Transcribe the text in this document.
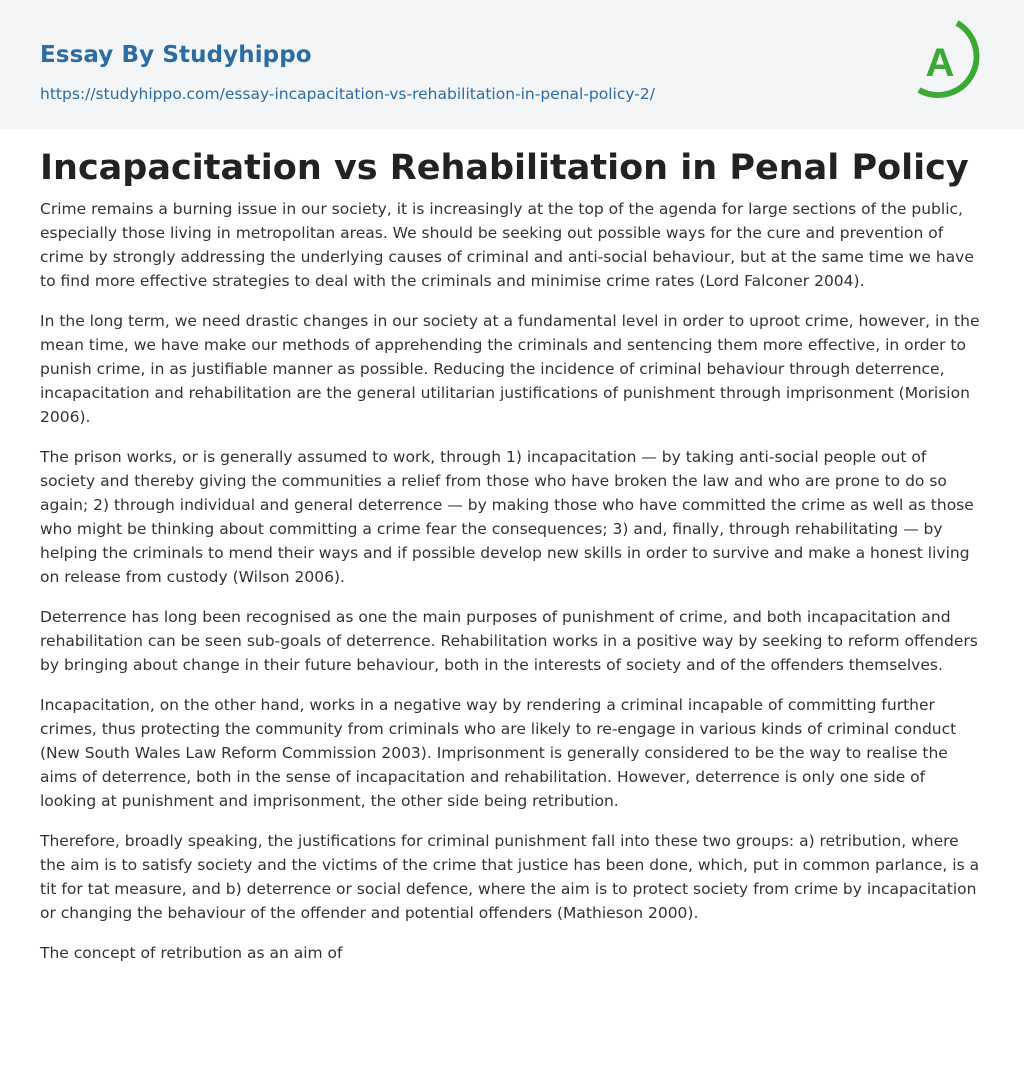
Essay By Studyhippo
https://studyhippo.com/essay-incapacitation-vs-rehabilitation-in-penal-policy-2/
A
Incapacitation vs Rehabilitation in Penal Policy

Crime remains a burning issue in our society, it is increasingly at the top of the agenda for large sections of the public, especially those living in metropolitan areas. We should be seeking out possible ways for the cure and prevention of crime by strongly addressing the underlying causes of criminal and anti-social behaviour, but at the same time we have to find more effective strategies to deal with the criminals and minimise crime rates (Lord Falconer 2004).

In the long term, we need drastic changes in our society at a fundamental level in order to uproot crime, however, in the mean time, we have make our methods of apprehending the criminals and sentencing them more effective, in order to punish crime, in as justifiable manner as possible. Reducing the incidence of criminal behaviour through deterrence, incapacitation and rehabilitation are the general utilitarian justifications of punishment through imprisonment (Morision 2006).

The prison works, or is generally assumed to work, through 1) incapacitation — by taking anti-social people out of society and thereby giving the communities a relief from those who have broken the law and who are prone to do so again; 2) through individual and general deterrence — by making those who have committed the crime as well as those who might be thinking about committing a crime fear the consequences; 3) and, finally, through rehabilitating — by helping the criminals to mend their ways and if possible develop new skills in order to survive and make a honest living on release from custody (Wilson 2006).

Deterrence has long been recognised as one the main purposes of punishment of crime, and both incapacitation and rehabilitation can be seen sub-goals of deterrence. Rehabilitation works in a positive way by seeking to reform offenders by bringing about change in their future behaviour, both in the interests of society and of the offenders themselves.

Incapacitation, on the other hand, works in a negative way by rendering a criminal incapable of committing further crimes, thus protecting the community from criminals who are likely to re-engage in various kinds of criminal conduct (New South Wales Law Reform Commission 2003). Imprisonment is generally considered to be the way to realise the aims of deterrence, both in the sense of incapacitation and rehabilitation. However, deterrence is only one side of looking at punishment and imprisonment, the other side being retribution.

Therefore, broadly speaking, the justifications for criminal punishment fall into these two groups: a) retribution, where the aim is to satisfy society and the victims of the crime that justice has been done, which, put in common parlance, is a tit for tat measure, and b) deterrence or social defence, where the aim is to protect society from crime by incapacitation or changing the behaviour of the offender and potential offenders (Mathieson 2000).

The concept of retribution as an aim of
